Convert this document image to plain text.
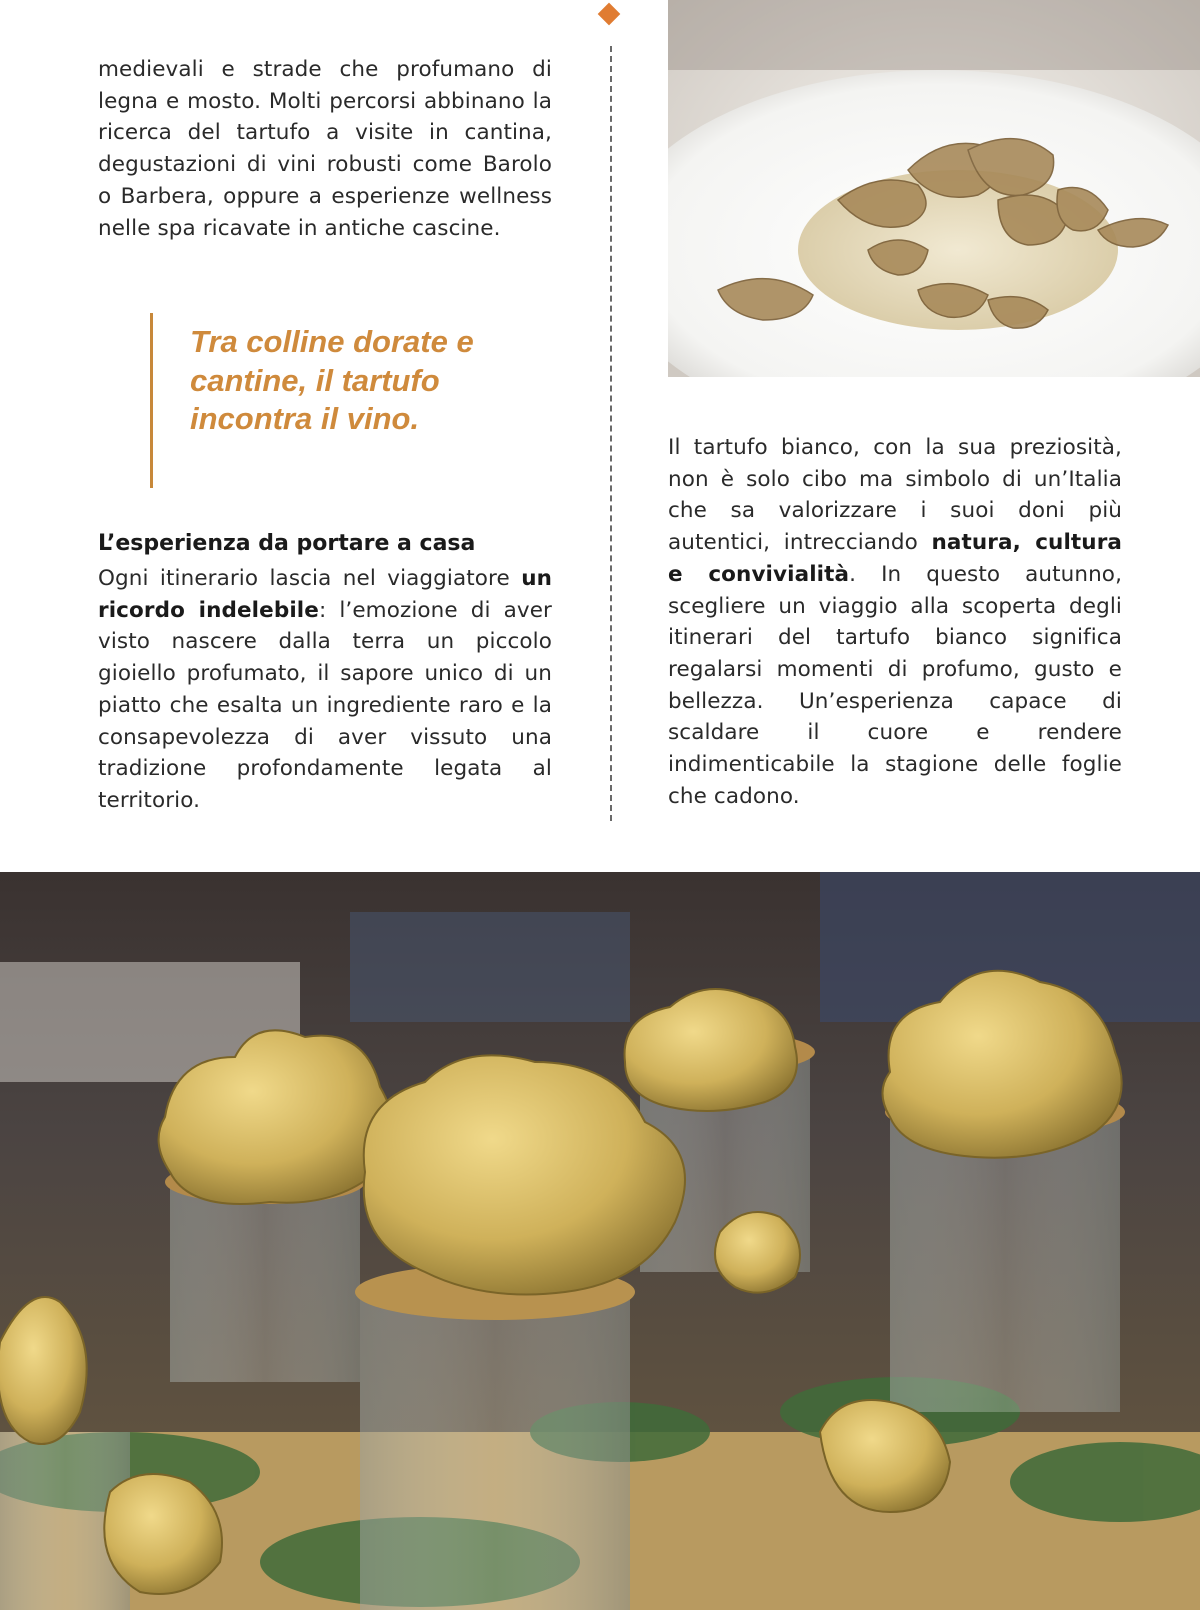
medievali e strade che profumano di legna e mosto. Molti percorsi abbinano la ricerca del tartufo a visite in cantina, degustazioni di vini robusti come Barolo o Barbera, oppure a esperienze wellness nelle spa ricavate in antiche cascine.

Tra colline dorate e cantine, il tartufo incontra il vino.

L’esperienza da portare a casa

Ogni itinerario lascia nel viaggiatore un ricordo indelebile: l’emozione di aver visto nascere dalla terra un piccolo gioiello profumato, il sapore unico di un piatto che esalta un ingrediente raro e la consapevolezza di aver vissuto una tradizione profondamente legata al territorio.

Il tartufo bianco, con la sua preziosità, non è solo cibo ma simbolo di un’Italia che sa valorizzare i suoi doni più autentici, intrecciando natura, cultura e convivialità. In questo autunno, scegliere un viaggio alla scoperta degli itinerari del tartufo bianco significa regalarsi momenti di profumo, gusto e bellezza. Un’esperienza capace di scaldare il cuore e rendere indimenticabile la stagione delle foglie che cadono.
